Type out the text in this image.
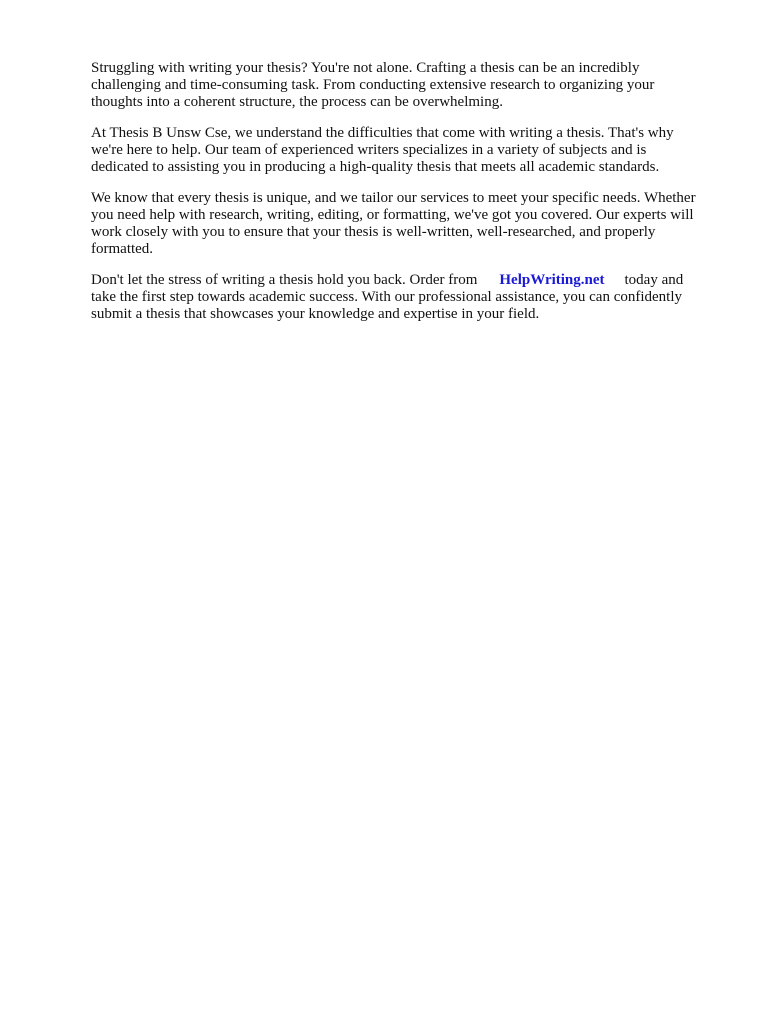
Struggling with writing your thesis? You're not alone. Crafting a thesis can be an incredibly
challenging and time-consuming task. From conducting extensive research to organizing your
thoughts into a coherent structure, the process can be overwhelming.

At Thesis B Unsw Cse, we understand the difficulties that come with writing a thesis. That's why
we're here to help. Our team of experienced writers specializes in a variety of subjects and is
dedicated to assisting you in producing a high-quality thesis that meets all academic standards.

We know that every thesis is unique, and we tailor our services to meet your specific needs. Whether
you need help with research, writing, editing, or formatting, we've got you covered. Our experts will
work closely with you to ensure that your thesis is well-written, well-researched, and properly
formatted.

Don't let the stress of writing a thesis hold you back. Order from HelpWriting.net today and
take the first step towards academic success. With our professional assistance, you can confidently
submit a thesis that showcases your knowledge and expertise in your field.
